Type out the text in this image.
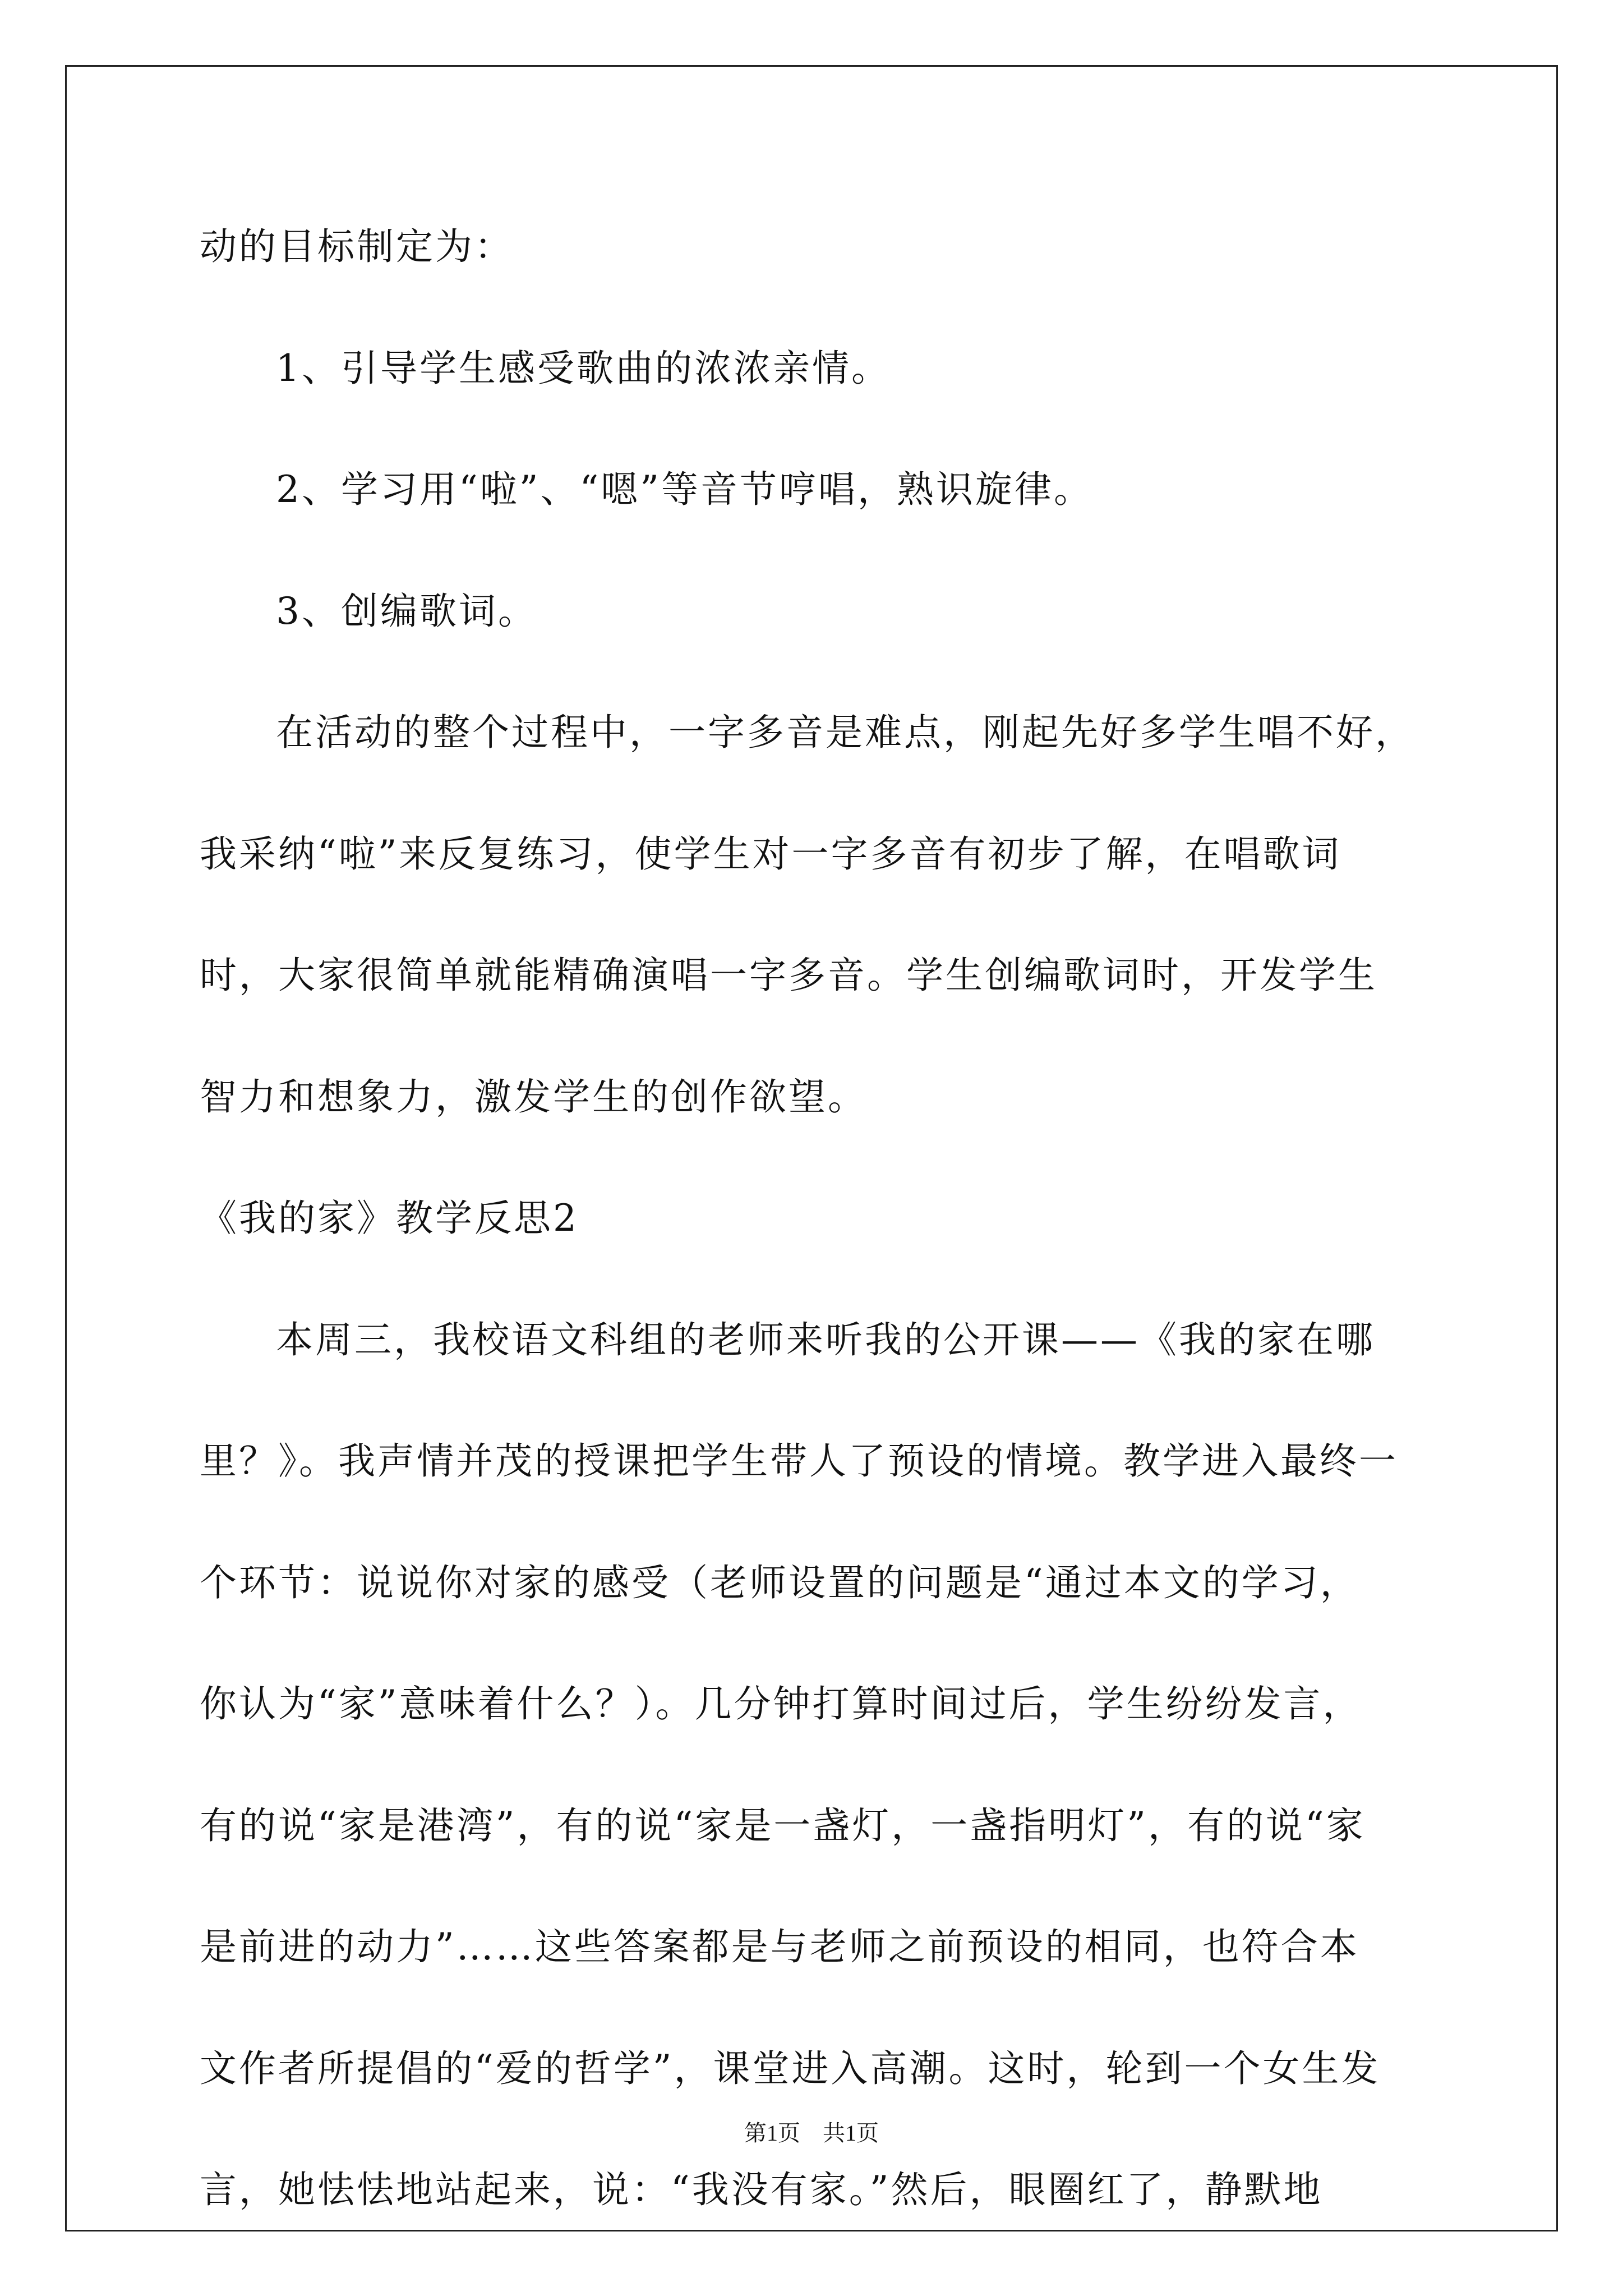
动的目标制定为：
1、引导学生感受歌曲的浓浓亲情。
2、学习用“啦”、“嗯”等音节哼唱，熟识旋律。
3、创编歌词。
在活动的整个过程中，一字多音是难点，刚起先好多学生唱不好，
我采纳“啦”来反复练习，使学生对一字多音有初步了解，在唱歌词
时，大家很简单就能精确演唱一字多音。学生创编歌词时，开发学生
智力和想象力，激发学生的创作欲望。
《我的家》教学反思2
本周三，我校语文科组的老师来听我的公开课——《我的家在哪
里？》。我声情并茂的授课把学生带人了预设的情境。教学进入最终一
个环节：说说你对家的感受（老师设置的问题是“通过本文的学习，
你认为“家”意味着什么？）。几分钟打算时间过后，学生纷纷发言，
有的说“家是港湾”，有的说“家是一盏灯，一盏指明灯”，有的说“家
是前进的动力”……这些答案都是与老师之前预设的相同，也符合本
文作者所提倡的“爱的哲学”，课堂进入高潮。这时，轮到一个女生发
言，她怯怯地站起来，说：“我没有家。”然后，眼圈红了，静默地
第1页　共1页
